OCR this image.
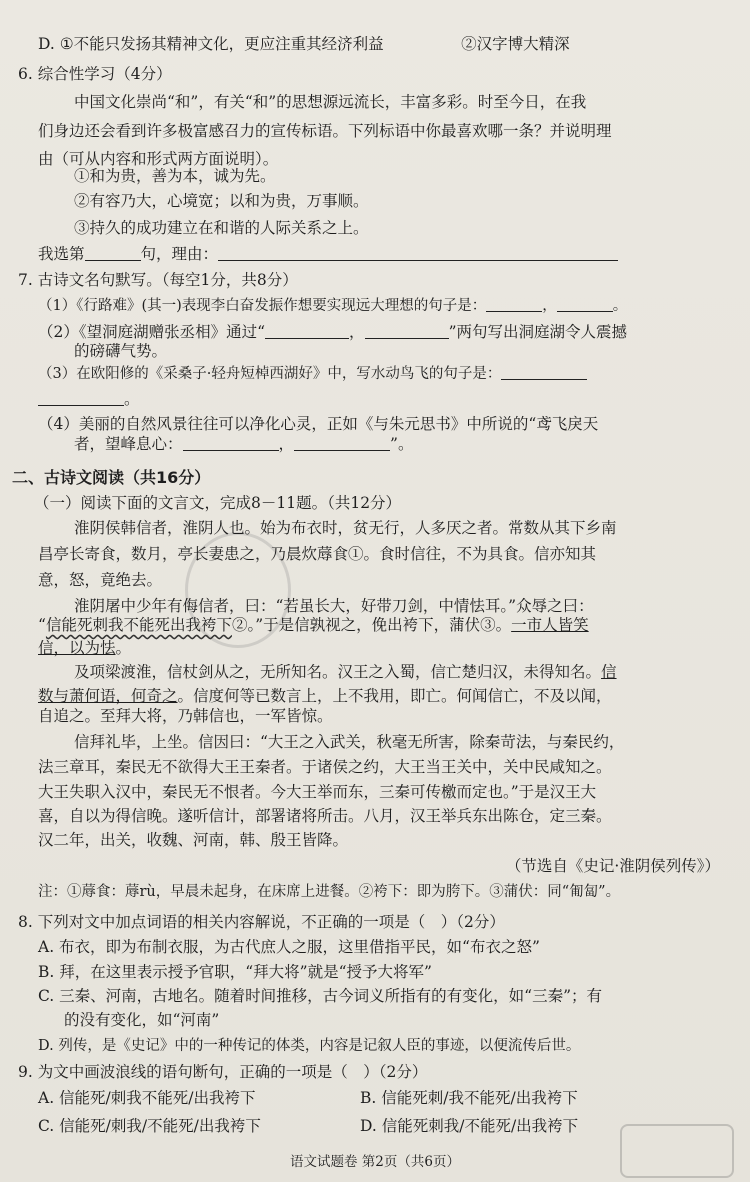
D. ①不能只发扬其精神文化，更应注重其经济利益　　　　　②汉字博大精深
6. 综合性学习（4分）
中国文化崇尚“和”，有关“和”的思想源远流长，丰富多彩。时至今日，在我
们身边还会看到许多极富感召力的宣传标语。下列标语中你最喜欢哪一条？并说明理
由（可从内容和形式两方面说明）。
①和为贵，善为本，诚为先。
②有容乃大，心境宽；以和为贵，万事顺。
③持久的成功建立在和谐的人际关系之上。
我选第	句，理由：
7. 古诗文名句默写。（每空1分，共8分）
（1）《行路难》(其一)表现李白奋发振作想要实现远大理想的句子是：	，	。
（2）《望洞庭湖赠张丞相》通过“	，	”两句写出洞庭湖令人震撼
的磅礴气势。
（3）在欧阳修的《采桑子·轻舟短棹西湖好》中，写水动鸟飞的句子是：
。
（4）美丽的自然风景往往可以净化心灵，正如《与朱元思书》中所说的“鸢飞戾天
者，望峰息心：	，	”。
二、古诗文阅读（共16分）
（一）阅读下面的文言文，完成8－11题。（共12分）
淮阴侯韩信者，淮阴人也。始为布衣时，贫无行，人多厌之者。常数从其下乡南
昌亭长寄食，数月，亭长妻患之，乃晨炊蓐食①。食时信往，不为具食。信亦知其
意，怒，竟绝去。
淮阴屠中少年有侮信者，曰：“若虽长大，好带刀剑，中情怯耳。”众辱之曰：
“信能死刺我不能死出我袴下②。”于是信孰视之，俛出袴下，蒲伏③。一市人皆笑
信，以为怯。
及项梁渡淮，信杖剑从之，无所知名。汉王之入蜀，信亡楚归汉，未得知名。信
数与萧何语，何奇之。信度何等已数言上，上不我用，即亡。何闻信亡，不及以闻，
自追之。至拜大将，乃韩信也，一军皆惊。
信拜礼毕，上坐。信因曰：“大王之入武关，秋毫无所害，除秦苛法，与秦民约，
法三章耳，秦民无不欲得大王王秦者。于诸侯之约，大王当王关中，关中民咸知之。
大王失职入汉中，秦民无不恨者。今大王举而东，三秦可传檄而定也。”于是汉王大
喜，自以为得信晚。遂听信计，部署诸将所击。八月，汉王举兵东出陈仓，定三秦。
汉二年，出关，收魏、河南，韩、殷王皆降。
（节选自《史记·淮阴侯列传》）
注：①蓐食：蓐rù，早晨未起身，在床席上进餐。②袴下：即为胯下。③蒲伏：同“匍匐”。
8. 下列对文中加点词语的相关内容解说，不正确的一项是（　）（2分）
A. 布衣，即为布制衣服，为古代庶人之服，这里借指平民，如“布衣之怒”
B. 拜，在这里表示授予官职，“拜大将”就是“授予大将军”
C. 三秦、河南，古地名。随着时间推移，古今词义所指有的有变化，如“三秦”；有
的没有变化，如“河南”
D. 列传，是《史记》中的一种传记的体类，内容是记叙人臣的事迹，以便流传后世。
9. 为文中画波浪线的语句断句，正确的一项是（　）（2分）
A. 信能死/刺我不能死/出我袴下	B. 信能死刺/我不能死/出我袴下
C. 信能死/刺我/不能死/出我袴下	D. 信能死刺我/不能死/出我袴下
语文试题卷 第2页（共6页）
